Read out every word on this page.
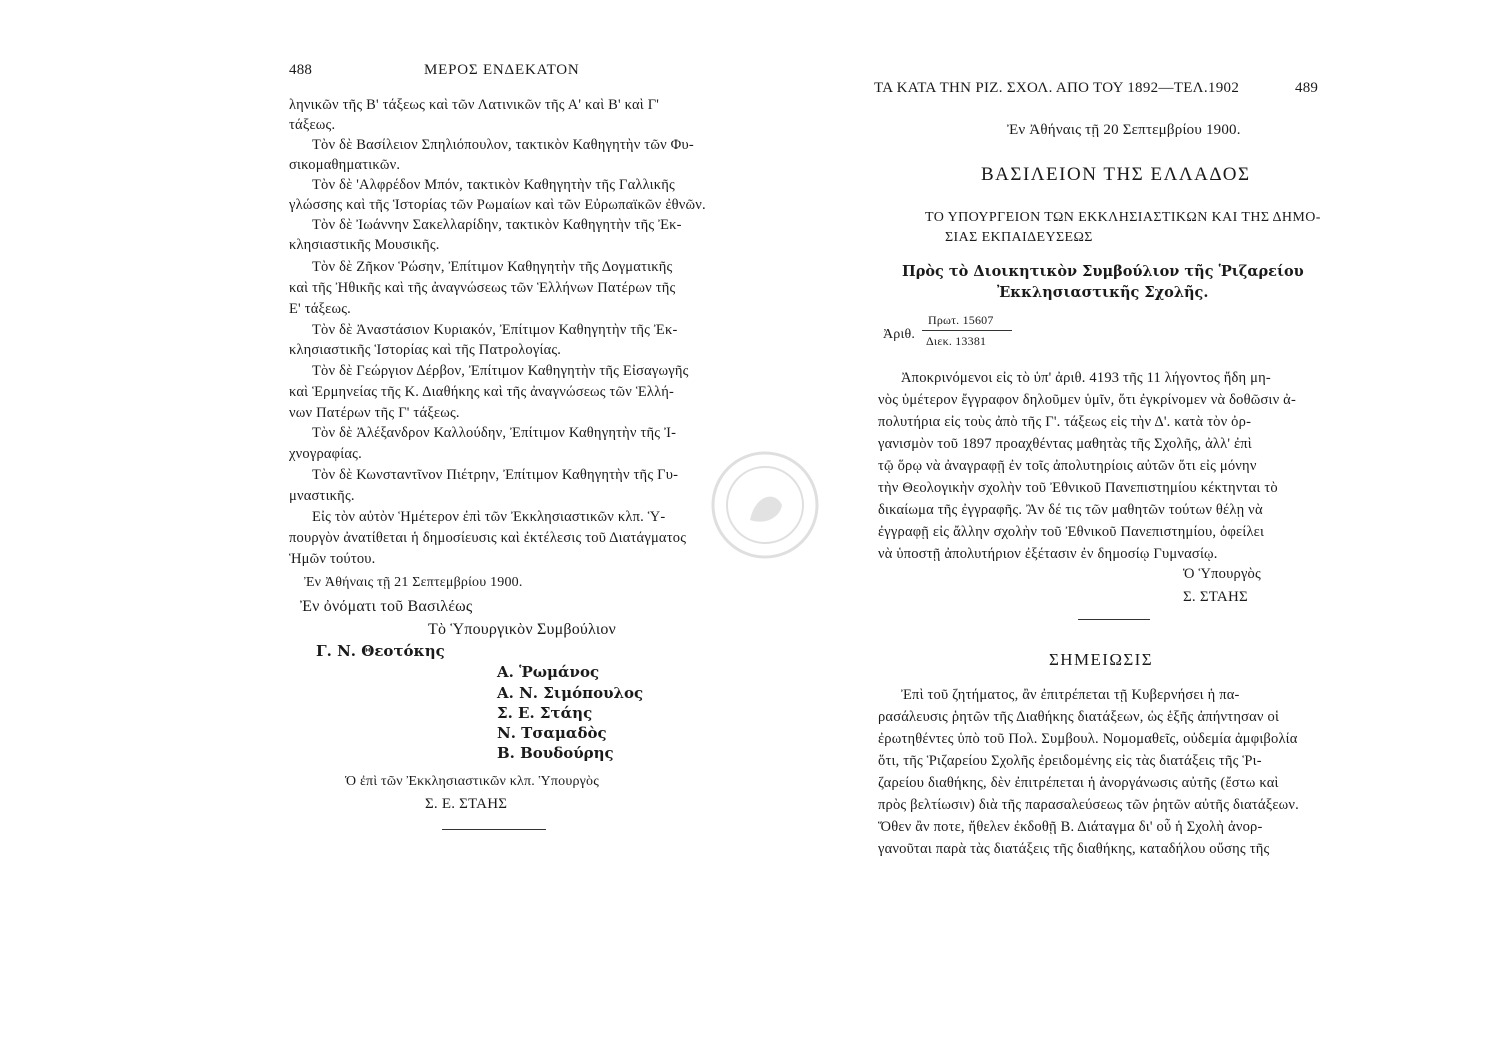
488	ΜΕΡΟΣ ΕΝΔΕΚΑΤΟΝ
ληνικῶν τῆς Β' τάξεως καὶ τῶν Λατινικῶν τῆς Α' καὶ Β' καὶ Γ'
τάξεως.
Τὸν δὲ Βασίλειον Σπηλιόπουλον, τακτικὸν Καθηγητὴν τῶν Φυ-
σικομαθηματικῶν.
Τὸν δὲ 'Αλφρέδον Μπόν, τακτικὸν Καθηγητὴν τῆς Γαλλικῆς
γλώσσης καὶ τῆς Ἱστορίας τῶν Ρωμαίων καὶ τῶν Εὐρωπαϊκῶν ἐθνῶν.
Τὸν δὲ Ἰωάννην Σακελλαρίδην, τακτικὸν Καθηγητὴν τῆς Ἐκ-
κλησιαστικῆς Μουσικῆς.
Τὸν δὲ Ζῆκον Ῥώσην, Ἐπίτιμον Καθηγητὴν τῆς Δογματικῆς
καὶ τῆς Ἠθικῆς καὶ τῆς ἀναγνώσεως τῶν Ἑλλήνων Πατέρων τῆς
Ε' τάξεως.
Τὸν δὲ Ἀναστάσιον Κυριακόν, Ἐπίτιμον Καθηγητὴν τῆς Ἐκ-
κλησιαστικῆς Ἱστορίας καὶ τῆς Πατρολογίας.
Τὸν δὲ Γεώργιον Δέρβον, Ἐπίτιμον Καθηγητὴν τῆς Εἰσαγωγῆς
καὶ Ἑρμηνείας τῆς Κ. Διαθήκης καὶ τῆς ἀναγνώσεως τῶν Ἑλλή-
νων Πατέρων τῆς Γ' τάξεως.
Τὸν δὲ Ἀλέξανδρον Καλλούδην, Ἐπίτιμον Καθηγητὴν τῆς Ἰ-
χνογραφίας.
Τὸν δὲ Κωνσταντῖνον Πιέτρην, Ἐπίτιμον Καθηγητὴν τῆς Γυ-
μναστικῆς.
Εἰς τὸν αὐτὸν Ἡμέτερον ἐπὶ τῶν Ἐκκλησιαστικῶν κλπ. Ὑ-
πουργὸν ἀνατίθεται ἡ δημοσίευσις καὶ ἐκτέλεσις τοῦ Διατάγματος
Ἡμῶν τούτου.
Ἐν Ἀθήναις τῇ 21 Σεπτεμβρίου 1900.
Ἐν ὀνόματι τοῦ Βασιλέως
Τὸ Ὑπουργικὸν Συμβούλιον
Γ. Ν. Θεοτόκης
Α. Ῥωμάνος
Α. Ν. Σιμόπουλος
Σ. Ε. Στάης
Ν. Τσαμαδὸς
Β. Βουδούρης
Ὁ ἐπὶ τῶν Ἐκκλησιαστικῶν κλπ. Ὑπουργὸς
Σ. Ε. ΣΤΑΗΣ
ΤΑ ΚΑΤΑ ΤΗΝ ΡΙΖ. ΣΧΟΛ. ΑΠΟ ΤΟΥ 1892—ΤΕΛ.1902	489
Ἐν Ἀθήναις τῇ 20 Σεπτεμβρίου 1900.
ΒΑΣΙΛΕΙΟΝ ΤΗΣ ΕΛΛΑΔΟΣ
ΤΟ ΥΠΟΥΡΓΕΙΟΝ ΤΩΝ ΕΚΚΛΗΣΙΑΣΤΙΚΩΝ ΚΑΙ ΤΗΣ ΔΗΜΟ-
ΣΙΑΣ ΕΚΠΑΙΔΕΥΣΕΩΣ
Πρὸς τὸ Διοικητικὸν Συμβούλιον τῆς Ῥιζαρείου
Ἐκκλησιαστικῆς Σχολῆς.
Ἀριθ.
Πρωτ. 15607
Διεκ. 13381
Ἀποκρινόμενοι εἰς τὸ ὑπ' ἀριθ. 4193 τῆς 11 λήγοντος ἤδη μη-
νὸς ὑμέτερον ἔγγραφον δηλοῦμεν ὑμῖν, ὅτι ἐγκρίνομεν νὰ δοθῶσιν ἀ-
πολυτήρια εἰς τοὺς ἀπὸ τῆς Γ'. τάξεως εἰς τὴν Δ'. κατὰ τὸν ὀρ-
γανισμὸν τοῦ 1897 προαχθέντας μαθητὰς τῆς Σχολῆς, ἀλλ' ἐπὶ
τῷ ὅρῳ νὰ ἀναγραφῇ ἐν τοῖς ἀπολυτηρίοις αὐτῶν ὅτι εἰς μόνην
τὴν Θεολογικὴν σχολὴν τοῦ Ἐθνικοῦ Πανεπιστημίου κέκτηνται τὸ
δικαίωμα τῆς ἐγγραφῆς. Ἂν δέ τις τῶν μαθητῶν τούτων θέλῃ νὰ
ἐγγραφῇ εἰς ἄλλην σχολὴν τοῦ Ἐθνικοῦ Πανεπιστημίου, ὀφείλει
νὰ ὑποστῇ ἀπολυτήριον ἐξέτασιν ἐν δημοσίῳ Γυμνασίῳ.
Ὁ Ὑπουργὸς
Σ. ΣΤΑΗΣ
ΣΗΜΕΙΩΣΙΣ
Ἐπὶ τοῦ ζητήματος, ἂν ἐπιτρέπεται τῇ Κυβερνήσει ἡ πα-
ρασάλευσις ῥητῶν τῆς Διαθήκης διατάξεων, ὡς ἑξῆς ἀπήντησαν οἱ
ἐρωτηθέντες ὑπὸ τοῦ Πολ. Συμβουλ. Νομομαθεῖς, οὐδεμία ἀμφιβολία
ὅτι, τῆς Ῥιζαρείου Σχολῆς ἐρειδομένης εἰς τὰς διατάξεις τῆς Ῥι-
ζαρείου διαθήκης, δὲν ἐπιτρέπεται ἡ ἀνοργάνωσις αὐτῆς (ἔστω καὶ
πρὸς βελτίωσιν) διὰ τῆς παρασαλεύσεως τῶν ῥητῶν αὐτῆς διατάξεων.
Ὅθεν ἂν ποτε, ἤθελεν ἐκδοθῇ Β. Διάταγμα δι' οὗ ἡ Σχολὴ ἀνορ-
γανοῦται παρὰ τὰς διατάξεις τῆς διαθήκης, καταδήλου οὔσης τῆς
